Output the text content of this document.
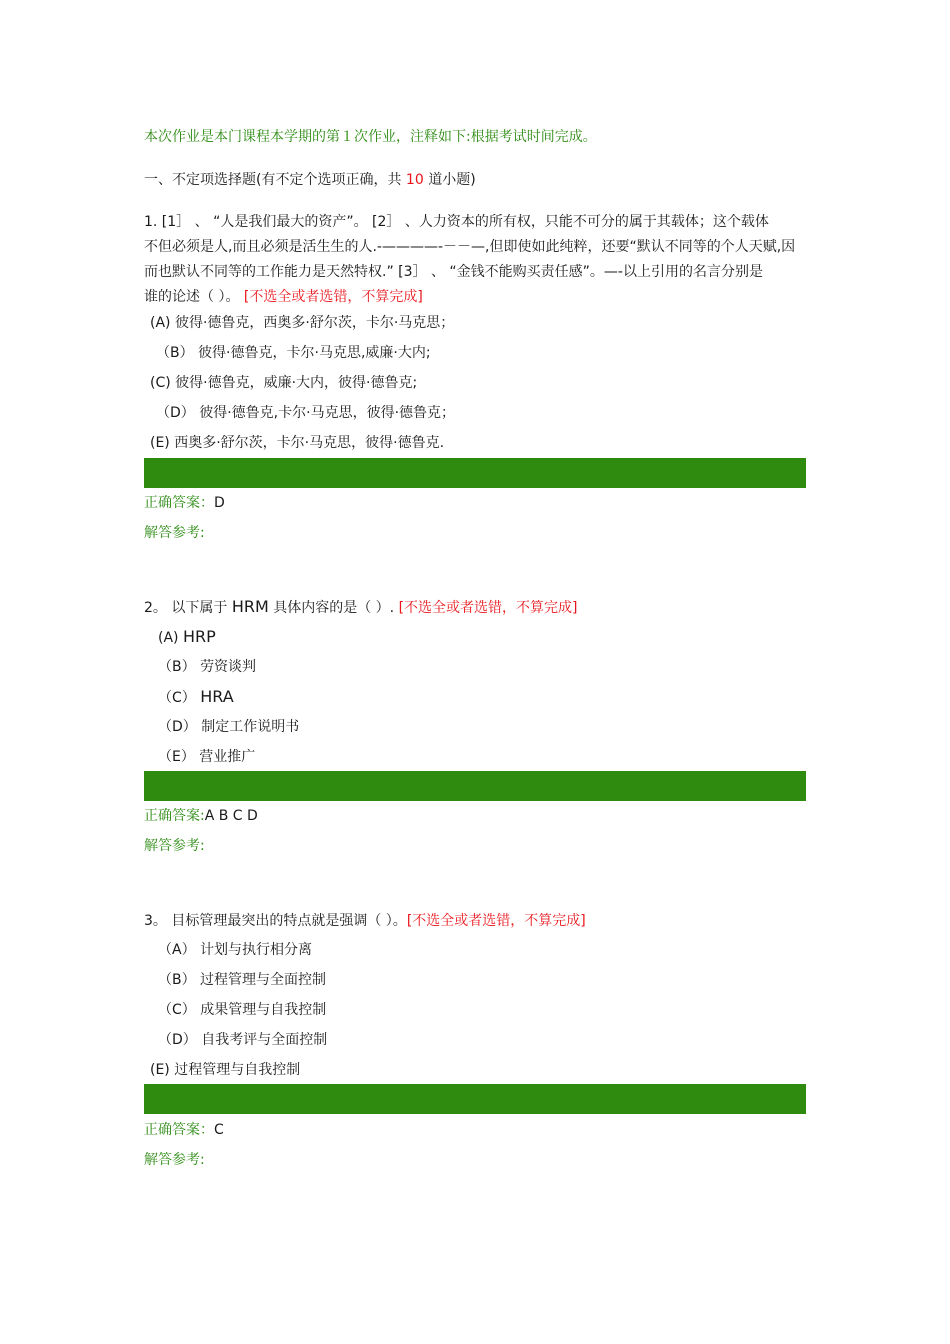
本次作业是本门课程本学期的第１次作业，注释如下:根据考试时间完成。
一、不定项选择题(有不定个选项正确，共 10 道小题)
1. [1］ 、 “人是我们最大的资产”。 [2］ 、人力资本的所有权，只能不可分的属于其载体；这个载体
不但必须是人,而且必须是活生生的人.-————-－－—,但即使如此纯粹，还要“默认不同等的个人天赋,因
而也默认不同等的工作能力是天然特权.” [3］ 、 “金钱不能购买责任感”。—-以上引用的名言分别是
谁的论述（ ）。 [不选全或者选错，不算完成]
(A) 彼得·德鲁克，西奥多·舒尔茨，卡尔·马克思；
（B） 彼得·德鲁克，卡尔·马克思,威廉·大内;
(C) 彼得·德鲁克，威廉·大内，彼得·德鲁克;
（D） 彼得·德鲁克,卡尔·马克思，彼得·德鲁克；
(E) 西奥多·舒尔茨，卡尔·马克思，彼得·德鲁克.
正确答案：D
解答参考:
2。 以下属于 HRM 具体内容的是（ ）. [不选全或者选错，不算完成]
(A) HRP
（B） 劳资谈判
（C） HRA
（D） 制定工作说明书
（E） 营业推广
正确答案:A B C D
解答参考:
3。 目标管理最突出的特点就是强调（ ）。[不选全或者选错，不算完成]
（A） 计划与执行相分离
（B） 过程管理与全面控制
（C） 成果管理与自我控制
（D） 自我考评与全面控制
(E) 过程管理与自我控制
正确答案：C
解答参考:
